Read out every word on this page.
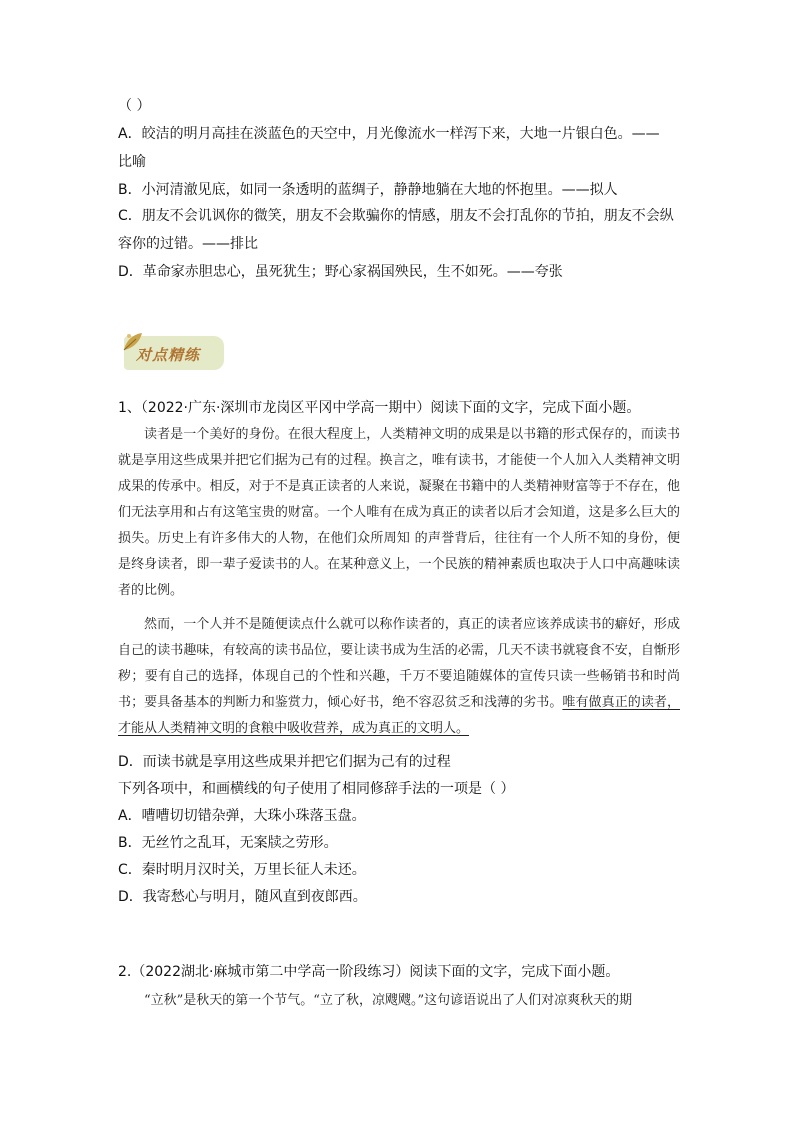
（ ）
A．皎洁的明月高挂在淡蓝色的天空中，月光像流水一样泻下来，大地一片银白色。——
比喻
B．小河清澈见底，如同一条透明的蓝绸子，静静地躺在大地的怀抱里。——拟人
C．朋友不会讥讽你的微笑，朋友不会欺骗你的情感，朋友不会打乱你的节拍，朋友不会纵
容你的过错。——排比
D．革命家赤胆忠心，虽死犹生；野心家祸国殃民，生不如死。——夸张
对点精练
1、（2022·广东·深圳市龙岗区平冈中学高一期中）阅读下面的文字，完成下面小题。

读者是一个美好的身份。在很大程度上，人类精神文明的成果是以书籍的形式保存的，而读书就是享用这些成果并把它们据为己有的过程。换言之，唯有读书，才能使一个人加入人类精神文明成果的传承中。相反，对于不是真正读者的人来说，凝聚在书籍中的人类精神财富等于不存在，他们无法享用和占有这笔宝贵的财富。一个人唯有在成为真正的读者以后才会知道，这是多么巨大的损失。历史上有许多伟大的人物，在他们众所周知 的声誉背后，往往有一个人所不知的身份，便是终身读者，即一辈子爱读书的人。在某种意义上，一个民族的精神素质也取决于人口中高趣味读者的比例。

然而，一个人并不是随便读点什么就可以称作读者的，真正的读者应该养成读书的癖好，形成自己的读书趣味，有较高的读书品位，要让读书成为生活的必需，几天不读书就寝食不安，自惭形秽；要有自己的选择，体现自己的个性和兴趣，千万不要追随媒体的宣传只读一些畅销书和时尚书；要具备基本的判断力和鉴赏力，倾心好书，绝不容忍贫乏和浅薄的劣书。唯有做真正的读者，才能从人类精神文明的食粮中吸收营养，成为真正的文明人。

D．而读书就是享用这些成果并把它们据为己有的过程
下列各项中，和画横线的句子使用了相同修辞手法的一项是（ ）
A．嘈嘈切切错杂弹，大珠小珠落玉盘。
B．无丝竹之乱耳，无案牍之劳形。
C．秦时明月汉时关，万里长征人未还。
D．我寄愁心与明月，随风直到夜郎西。
2.（2022湖北·麻城市第二中学高一阶段练习）阅读下面的文字，完成下面小题。

“立秋”是秋天的第一个节气。“立了秋，凉飕飕。”这句谚语说出了人们对凉爽秋天的期
